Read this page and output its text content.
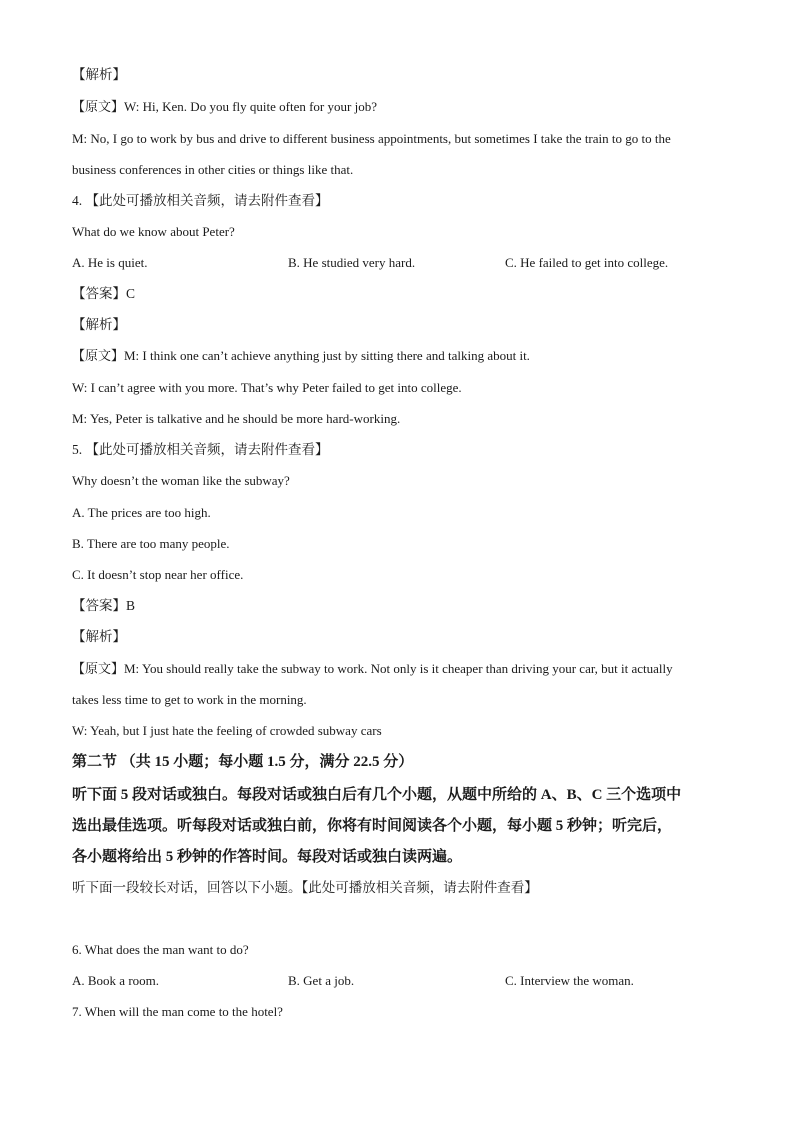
【解析】
【原文】W: Hi, Ken. Do you fly quite often for your job?
M: No, I go to work by bus and drive to different business appointments, but sometimes I take the train to go to the
business conferences in other cities or things like that.
4. 【此处可播放相关音频，请去附件查看】
What do we know about Peter?
A. He is quiet.	B. He studied very hard.	C. He failed to get into college.
【答案】C
【解析】
【原文】M: I think one can’t achieve anything just by sitting there and talking about it.
W: I can’t agree with you more. That’s why Peter failed to get into college.
M: Yes, Peter is talkative and he should be more hard-working.
5. 【此处可播放相关音频，请去附件查看】
Why doesn’t the woman like the subway?
A. The prices are too high.
B. There are too many people.
C. It doesn’t stop near her office.
【答案】B
【解析】
【原文】M: You should really take the subway to work. Not only is it cheaper than driving your car, but it actually
takes less time to get to work in the morning.
W: Yeah, but I just hate the feeling of crowded subway cars
第二节 （共 15 小题；每小题 1.5 分，满分 22.5 分）
听下面 5 段对话或独白。每段对话或独白后有几个小题，从题中所给的 A、B、C 三个选项中
选出最佳选项。听每段对话或独白前，你将有时间阅读各个小题，每小题 5 秒钟；听完后，
各小题将给出 5 秒钟的作答时间。每段对话或独白读两遍。
听下面一段较长对话，回答以下小题。【此处可播放相关音频，请去附件查看】
6. What does the man want to do?
A. Book a room.	B. Get a job.	C. Interview the woman.
7. When will the man come to the hotel?
